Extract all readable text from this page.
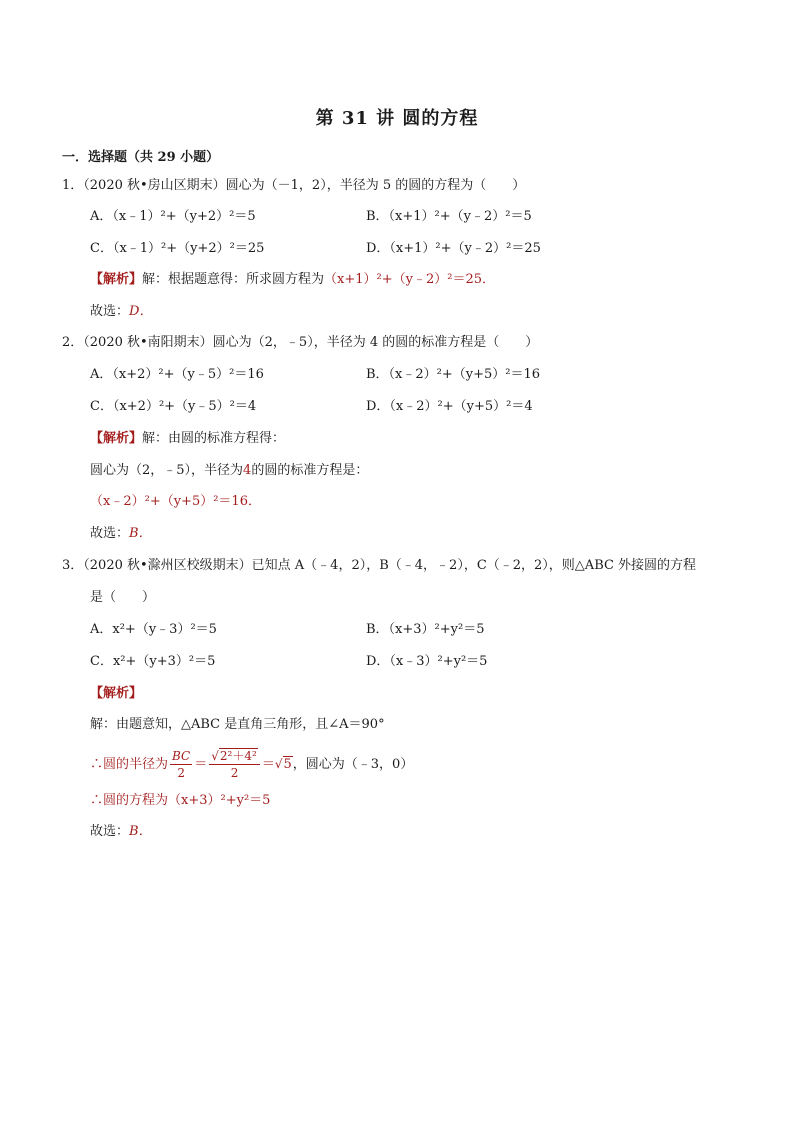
第 31 讲 圆的方程
一．选择题（共 29 小题）
1．（2020 秋•房山区期末）圆心为（－1，2），半径为 5 的圆的方程为（　　）
A．（x﹣1）²+（y+2）²＝5	B．（x+1）²+（y﹣2）²＝5
C．（x﹣1）²+（y+2）²＝25	D．（x+1）²+（y﹣2）²＝25
【解析】解：根据题意得：所求圆方程为（x+1）²+（y﹣2）²＝25．
故选：D．
2．（2020 秋•南阳期末）圆心为（2，﹣5），半径为 4 的圆的标准方程是（　　）
A．（x+2）²+（y﹣5）²＝16	B．（x﹣2）²+（y+5）²＝16
C．（x+2）²+（y﹣5）²＝4	D．（x﹣2）²+（y+5）²＝4
【解析】解：由圆的标准方程得：
圆心为（2，﹣5），半径为4的圆的标准方程是：
（x﹣2）²+（y+5）²＝16．
故选：B．
3．（2020 秋•滁州区校级期末）已知点 A（﹣4，2），B（﹣4，﹣2），C（﹣2，2），则△ABC 外接圆的方程
是（　　）
A．x²+（y﹣3）²＝5	B．（x+3）²+y²＝5
C．x²+（y+3）²＝5	D．（x﹣3）²+y²＝5
【解析】
解：由题意知，△ABC 是直角三角形，且∠A＝90°
∴圆的半径为 $\frac{BC}{2} = \frac{\text{√2²＋4²}}{2} =√5$，圆心为（﹣3，0）
∴圆的方程为（x+3）²+y²＝5
故选：B．
